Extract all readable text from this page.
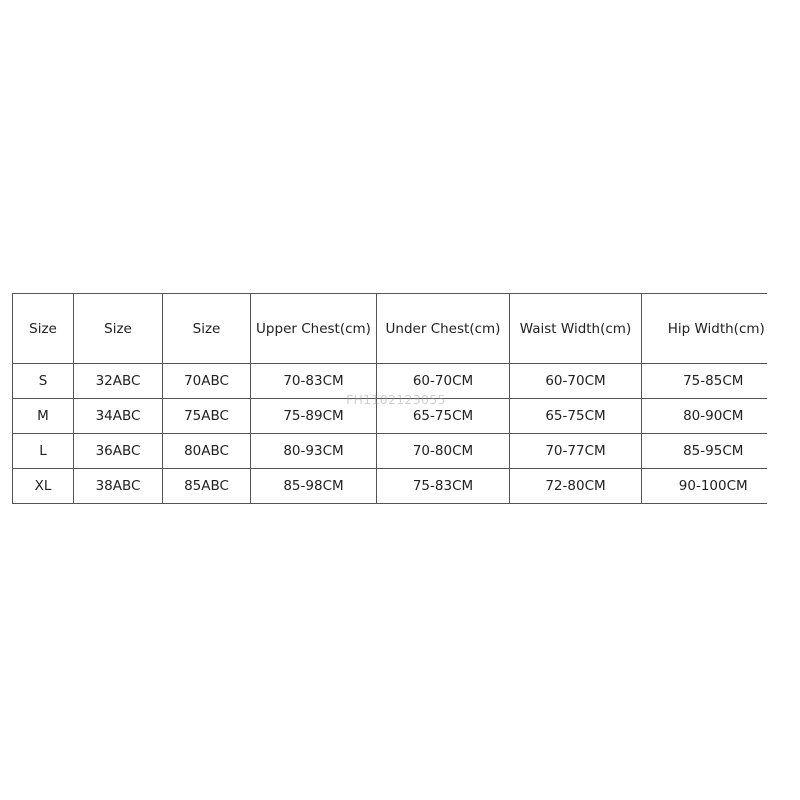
Size	Size	Size	Upper Chest(cm)	Under Chest(cm)	Waist Width(cm)	Hip Width(cm)
S	32ABC	70ABC	70-83CM	60-70CM	60-70CM	75-85CM
M	34ABC	75ABC	75-89CM	65-75CM	65-75CM	80-90CM
L	36ABC	80ABC	80-93CM	70-80CM	70-77CM	85-95CM
XL	38ABC	85ABC	85-98CM	75-83CM	72-80CM	90-100CM
FH1102123055
